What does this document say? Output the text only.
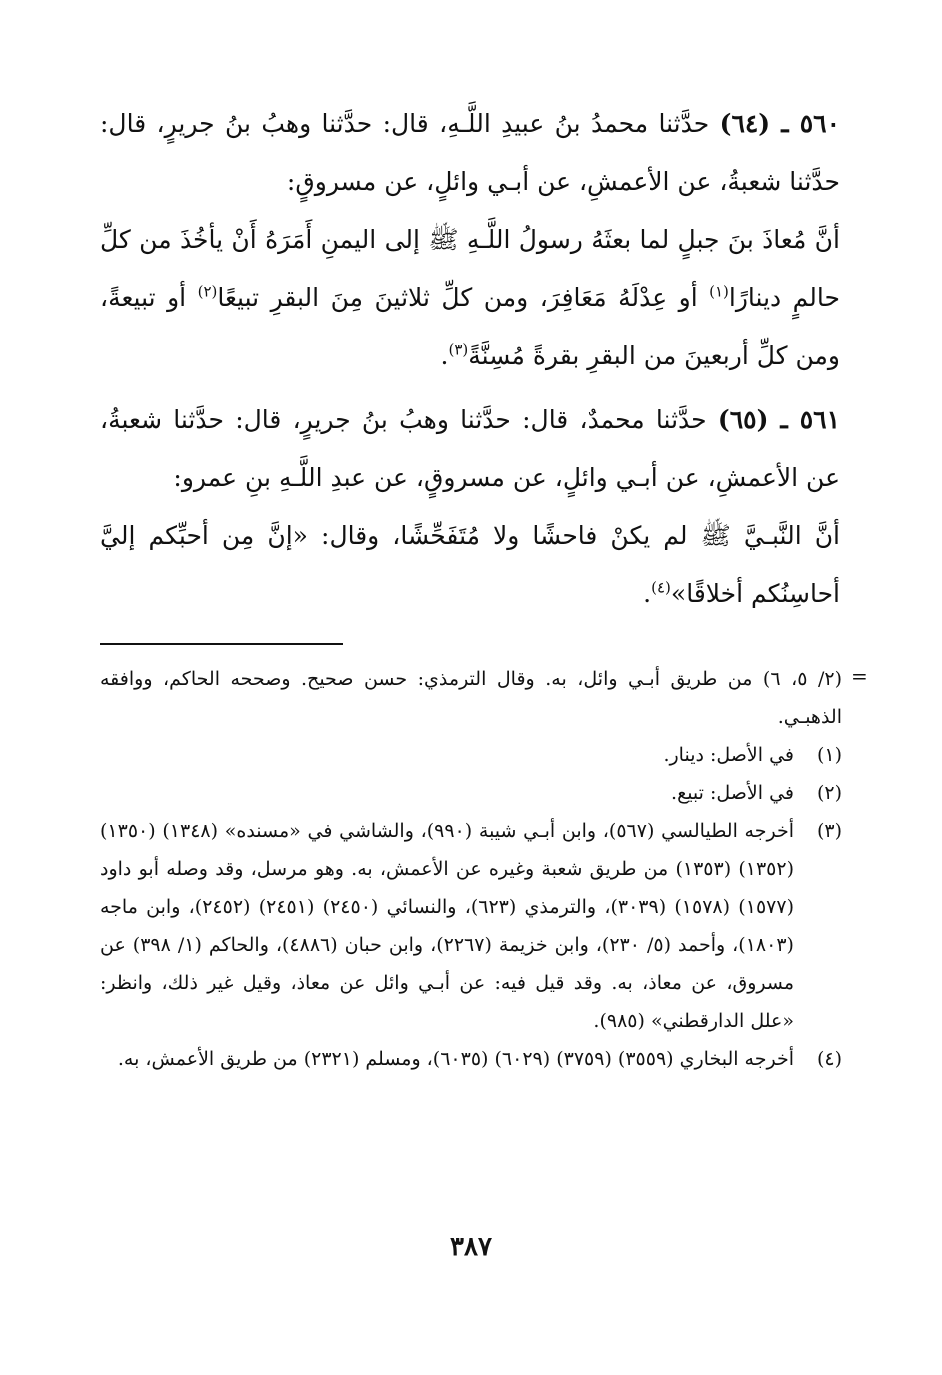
٥٦٠ ـ (٦٤) حدَّثنا محمدُ بنُ عبيدِ اللَّـهِ، قال: حدَّثنا وهبُ بنُ جريرٍ، قال: حدَّثنا شعبةُ، عن الأعمشِ، عن أبـي وائلٍ، عن مسروقٍ:

أنَّ مُعاذَ بنَ جبلٍ لما بعثَهُ رسولُ اللَّـهِ ﷺ إلى اليمنِ أَمَرَهُ أَنْ يأخُذَ من كلِّ حالمٍ دينارًا$^{(١)}$ أو عِدْلَهُ مَعَافِرَ، ومن كلِّ ثلاثينَ مِنَ البقرِ تبيعًا$^{(٢)}$ أو تبيعةً، ومن كلِّ أربعينَ من البقرِ بقرةً مُسِنَّةً$^{(٣)}$.

٥٦١ ـ (٦٥) حدَّثنا محمدٌ، قال: حدَّثنا وهبُ بنُ جريرٍ، قال: حدَّثنا شعبةُ، عن الأعمشِ، عن أبـي وائلٍ، عن مسروقٍ، عن عبدِ اللَّـهِ بنِ عمرو:

أنَّ النَّبـيَّ ﷺ لم يكنْ فاحشًا ولا مُتَفَحِّشًا، وقال: «إنَّ مِن أحبِّكم إليَّ أحاسِنُكم أخلاقًا»$^{(٤)}$.

=
(٢/ ٥، ٦) من طريق أبـي وائل، به. وقال الترمذي: حسن صحيح. وصححه الحاكم، ووافقه الذهبـي.
(١)
في الأصل: دينار.
(٢)
في الأصل: تبيع.
(٣)
أخرجه الطيالسي (٥٦٧)، وابن أبـي شيبة (٩٩٠)، والشاشي في «مسنده» (١٣٤٨) (١٣٥٠) (١٣٥٢) (١٣٥٣) من طريق شعبة وغيره عن الأعمش، به. وهو مرسل، وقد وصله أبو داود (١٥٧٧) (١٥٧٨) (٣٠٣٩)، والترمذي (٦٢٣)، والنسائي (٢٤٥٠) (٢٤٥١) (٢٤٥٢)، وابن ماجه (١٨٠٣)، وأحمد (٥/ ٢٣٠)، وابن خزيمة (٢٢٦٧)، وابن حبان (٤٨٨٦)، والحاكم (١/ ٣٩٨) عن مسروق، عن معاذ، به. وقد قيل فيه: عن أبـي وائل عن معاذ، وقيل غير ذلك، وانظر: «علل الدارقطني» (٩٨٥).
(٤)
أخرجه البخاري (٣٥٥٩) (٣٧٥٩) (٦٠٢٩) (٦٠٣٥)، ومسلم (٢٣٢١) من طريق الأعمش، به.
٣٨٧
